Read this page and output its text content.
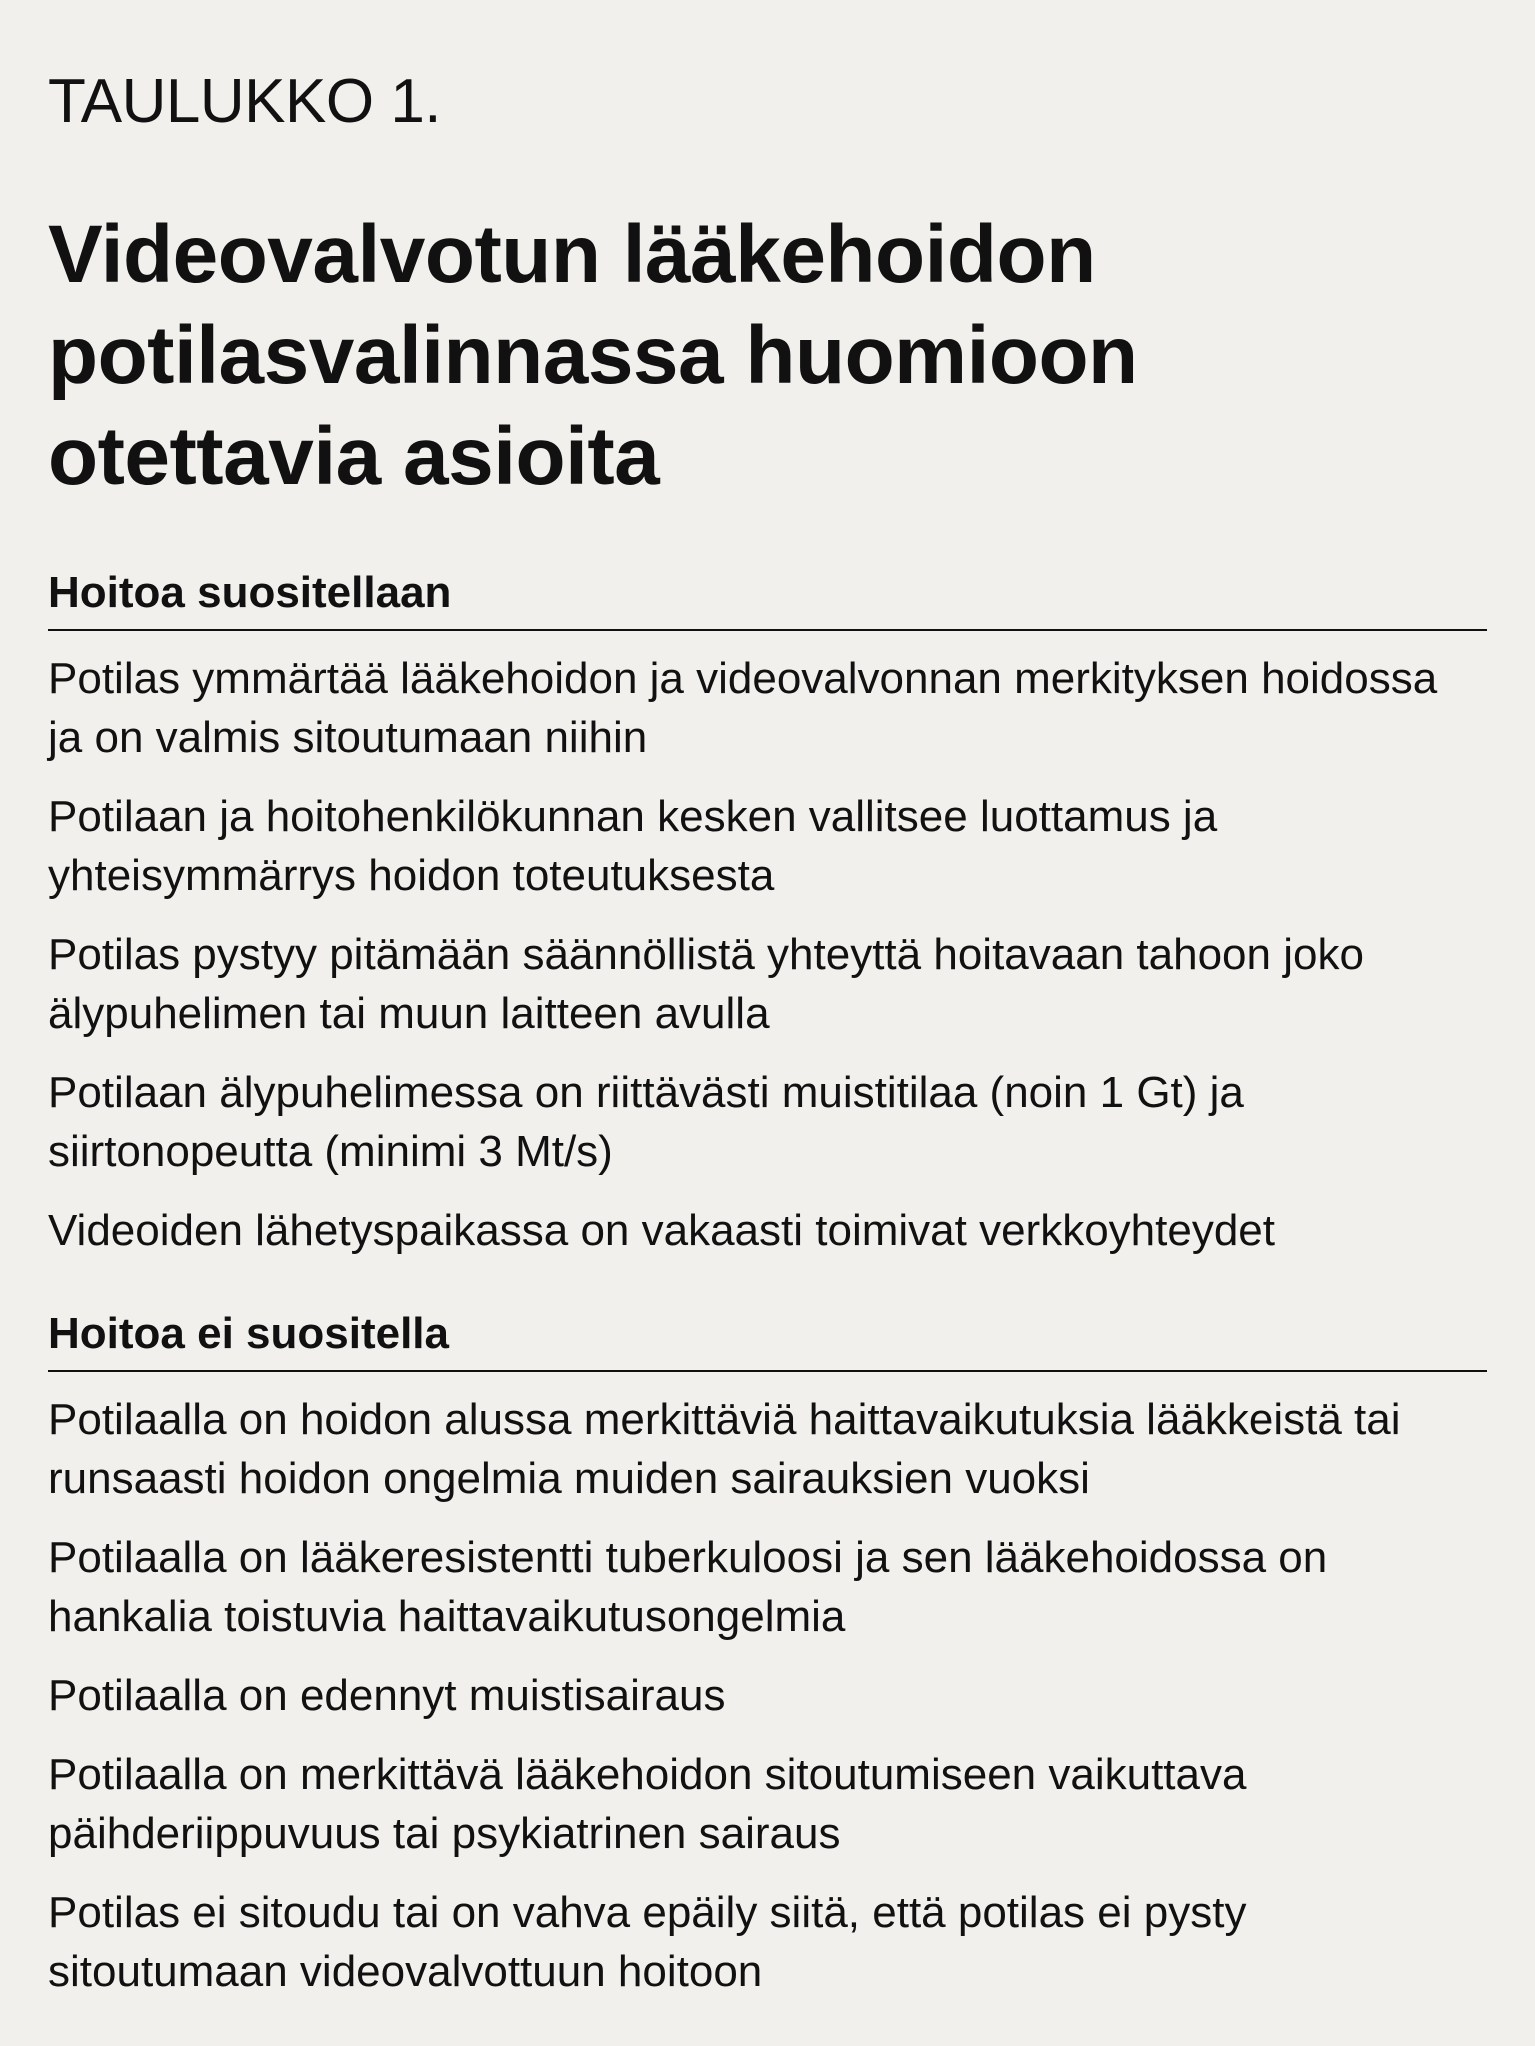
TAULUKKO 1.

Videovalvotun lääkehoidon potilasvalinnassa huomioon otettavia asioita
Hoitoa suositellaan
Potilas ymmärtää lääkehoidon ja videovalvonnan merkityksen hoidossa ja on valmis sitoutumaan niihin
Potilaan ja hoitohenkilökunnan kesken vallitsee luottamus ja yhteisymmärrys hoidon toteutuksesta
Potilas pystyy pitämään säännöllistä yhteyttä hoitavaan tahoon joko älypuhelimen tai muun laitteen avulla
Potilaan älypuhelimessa on riittävästi muistitilaa (noin 1 Gt) ja siirtonopeutta (minimi 3 Mt/s)
Videoiden lähetyspaikassa on vakaasti toimivat verkkoyhteydet
Hoitoa ei suositella
Potilaalla on hoidon alussa merkittäviä haittavaikutuksia lääkkeistä tai runsaasti hoidon ongelmia muiden sairauksien vuoksi
Potilaalla on lääkeresistentti tuberkuloosi ja sen lääkehoidossa on hankalia toistuvia haittavaikutusongelmia
Potilaalla on edennyt muistisairaus
Potilaalla on merkittävä lääkehoidon sitoutumiseen vaikuttava päihderiippuvuus tai psykiatrinen sairaus
Potilas ei sitoudu tai on vahva epäily siitä, että potilas ei pysty sitoutumaan videovalvottuun hoitoon
